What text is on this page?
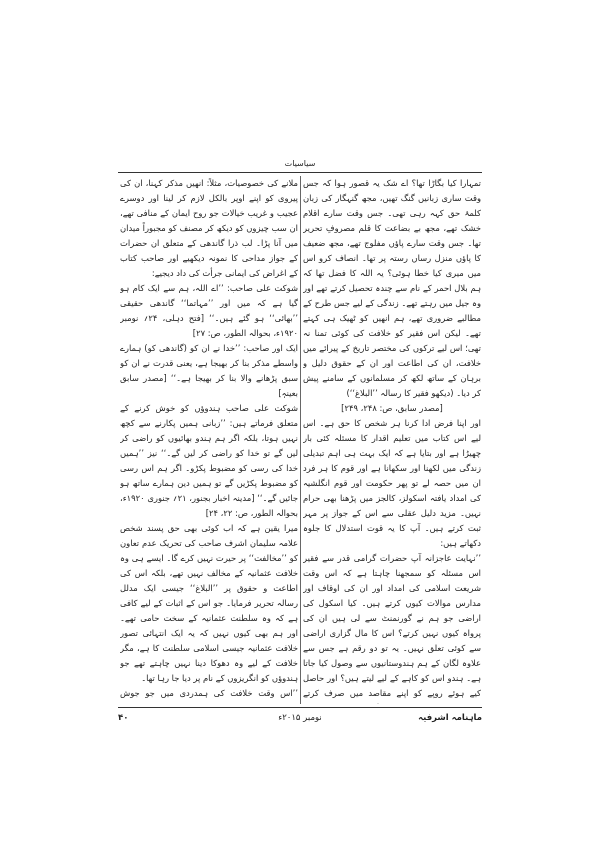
سیاسیات

تمہارا کیا بگاڑا تھا؟ اے شک یہ قصور ہوا کہ جس وقت ساری زبانیں گنگ تھیں، مجھ گنہگار کی زبان کلمۂ حق کہہ رہی تھی۔ جس وقت سارے اقلام خشک تھے، مجھ بے بضاعت کا قلم مصروفِ تحریر تھا۔ جس وقت سارے پاؤں مفلوج تھے، مجھ ضعیف کا پاؤں منزل رساں رستہ پر تھا۔ انصاف کرو اس میں میری کیا خطا ہوئی؟ یہ اللہ کا فضل تھا کہ ہم بلال احمر کے نام سے چندہ تحصیل کرتے تھے اور وہ جیل میں رہتے تھے۔ زندگی کے لیے جس طرح کے مطالبے ضروری تھے، ہم انھیں کو ٹھیک ہی کہتے تھے۔ لیکن اس فقیر کو خلافت کی کوئی تمنا نہ تھی؛ اس لیے ترکوں کی مختصر تاریخ کے پیرائے میں خلافت، ان کی اطاعت اور ان کے حقوق دلیل و برہان کے ساتھ لکھ کر مسلمانوں کے سامنے پیش کر دیا۔ (دیکھو فقیر کا رسالہ ’’البلاغ‘‘)

[مصدر سابق، ص: ۲۴۸، ۲۴۹]

اور اپنا فرض ادا کرنا ہر شخص کا حق ہے۔ اس لیے اس کتاب میں تعلیم اقدار کا مسئلہ کئی بار چھیڑا ہے اور بتایا ہے کہ ایک بہت ہی اہم تبدیلی زندگی میں لکھنا اور سکھانا ہے اور قوم کا ہر فرد ان میں حصہ لے تو پھر حکومت اور قوم انگلشیہ کی امداد یافتہ اسکولز، کالجز میں پڑھنا بھی حرام نہیں۔ مزید دلیل عقلی سے اس کے جواز پر مہر ثبت کرتے ہیں۔ آپ کا یہ قوت استدلال کا جلوہ دکھاتے ہیں:

’’نہایت عاجزانہ آپ حضرات گرامی قدر سے فقیر اس مسئلہ کو سمجھنا چاہتا ہے کہ اس وقت شریعت اسلامی کی امداد اور ان کی اوقاف اور مدارس موالات کیوں کرتے ہیں۔ کیا اسکول کی اراضی جو ہم نے گورنمنٹ سے لی ہیں ان کی پرواہ کیوں نہیں کرتے؟ اس کا مال گزاری اراضی سے کوئی تعلق نہیں۔ یہ تو دو رقم ہے جس سے علاوہ لگان کے ہم ہندوستانیوں سے وصول کیا جاتا ہے۔ ہندو اس کو کاہے کے لیے لیتے ہیں؟ اور حاصل کیے ہوئے روپے کو اپنے مقاصد میں صرف کرتے

ملانے کی خصوصیات، مثلاً: انھیں مذکر کہنا، ان کی پیروی کو اپنے اوپر بالکل لازم کر لینا اور دوسرے عجیب و غریب خیالات جو روح ایمان کے منافی تھے، ان سب چیزوں کو دیکھ کر مصنف کو مجبوراً میدان میں آنا پڑا۔ لب ذرا گاندھی کے متعلق ان حضرات کے جواز مداحی کا نمونہ دیکھیے اور صاحب کتاب کے اغراض کی ایمانی جرأت کی داد دیجیے:

شوکت علی صاحب: ’’اے اللہ، ہم سے ایک کام ہو گیا ہے کہ میں اور ’’مہاتما‘‘ گاندھی حقیقی ’’بھائی‘‘ ہو گئے ہیں۔‘‘ [فتح دہلی، ۲۴؍ نومبر ۱۹۲۰ء، بحوالہ الطور، ص: ۲۷]

ایک اور صاحب: ’’خدا نے ان کو (گاندھی کو) ہمارے واسطے مذکر بنا کر بھیجا ہے، یعنی قدرت نے ان کو سبق پڑھانے والا بنا کر بھیجا ہے۔‘‘ [مصدر سابق بعینہٖ]

شوکت علی صاحب ہندوؤں کو خوش کرنے کے متعلق فرماتے ہیں: ’’زبانی ہمیں پکارنے سے کچھ نہیں ہوتا، بلکہ اگر ہم ہندو بھائیوں کو راضی کر لیں گے تو خدا کو راضی کر لیں گے۔‘‘ نیز ’’ہمیں خدا کی رسی کو مضبوط پکڑو۔ اگر ہم اس رسی کو مضبوط پکڑیں گے تو ہمیں دین ہمارے ساتھ ہو جائیں گے۔‘‘ [مدینہ اخبار بجنور، ۲۱؍ جنوری ۱۹۲۰ء، بحوالہ الطور، ص: ۲۲، ۲۴]

میرا یقین ہے کہ اب کوئی بھی حق پسند شخص علامہ سلیمان اشرف صاحب کی تحریک عدم تعاون کو ’’مخالفت‘‘ پر حیرت نہیں کرے گا۔ ایسے ہی وہ خلافت عثمانیہ کے مخالف نہیں تھے، بلکہ اس کی اطاعت و حقوق پر ’’البلاغ‘‘ جیسی ایک مدلل رسالہ تحریر فرمایا۔ جو اس کے اثبات کے لیے کافی ہے کہ وہ سلطنت عثمانیہ کے سخت حامی تھے۔ اور ہم بھی کیوں نہیں کہ یہ ایک انتہائی تصور خلافت عثمانیہ جیسی اسلامی سلطنت کا ہے، مگر خلافت کے لیے وہ دھوکا دینا نہیں چاہتے تھے جو ہندوؤں کو انگریزوں کے نام پر دیا جا رہا تھا۔

’’اس وقت خلافت کی ہمدردی میں جو جوش

۴۰	نومبر ۲۰۱۵ء	ماہنامہ اشرفیہ
